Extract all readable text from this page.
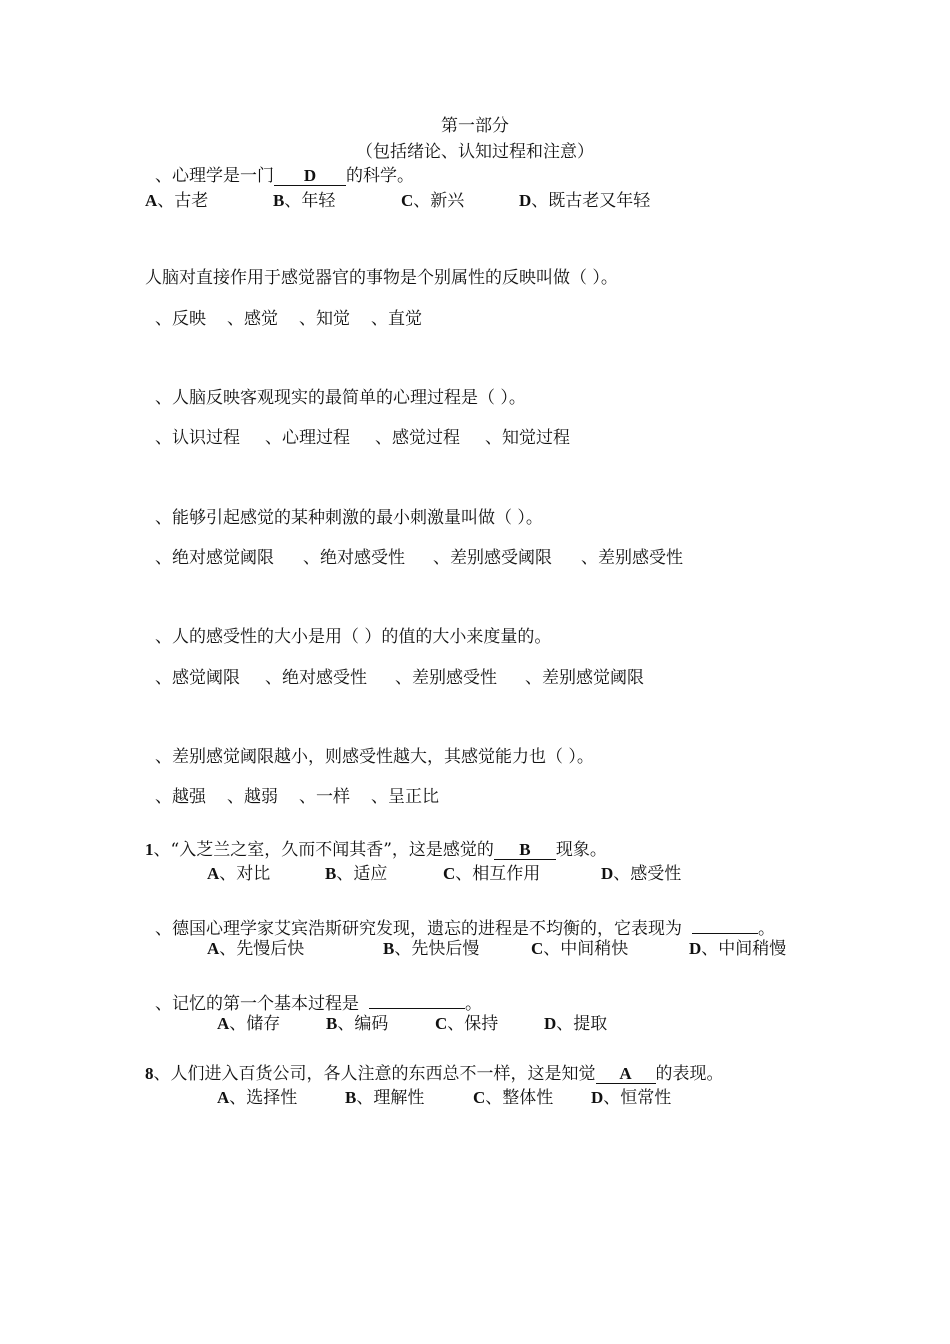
第一部分
（包括绪论、认知过程和注意）
、心理学是一门 D 的科学。
A、古老	B、年轻	C、新兴	D、既古老又年轻
人脑对直接作用于感觉器官的事物是个别属性的反映叫做（ ）。
、反映 、感觉 、知觉 、直觉
、人脑反映客观现实的最简单的心理过程是（ ）。
、认识过程 、心理过程 、感觉过程 、知觉过程
、能够引起感觉的某种刺激的最小刺激量叫做（ ）。
、绝对感觉阈限 、绝对感受性 、差别感受阈限 、差别感受性
、人的感受性的大小是用（ ）的值的大小来度量的。
、感觉阈限 、绝对感受性 、差别感受性 、差别感觉阈限
、差别感觉阈限越小，则感受性越大，其感觉能力也（ ）。
、越强 、越弱 、一样 、呈正比
1、“入芝兰之室，久而不闻其香”，这是感觉的 B 现象。
A、对比	B、适应	C、相互作用	D、感受性
、德国心理学家艾宾浩斯研究发现，遗忘的进程是不均衡的，它表现为	。
A、先慢后快	B、先快后慢	C、中间稍快	D、中间稍慢
、记忆的第一个基本过程是	。
A、储存	B、编码	C、保持	D、提取
8、人们进入百货公司，各人注意的东西总不一样，这是知觉 A 的表现。
A、选择性	B、理解性	C、整体性 D、恒常性
